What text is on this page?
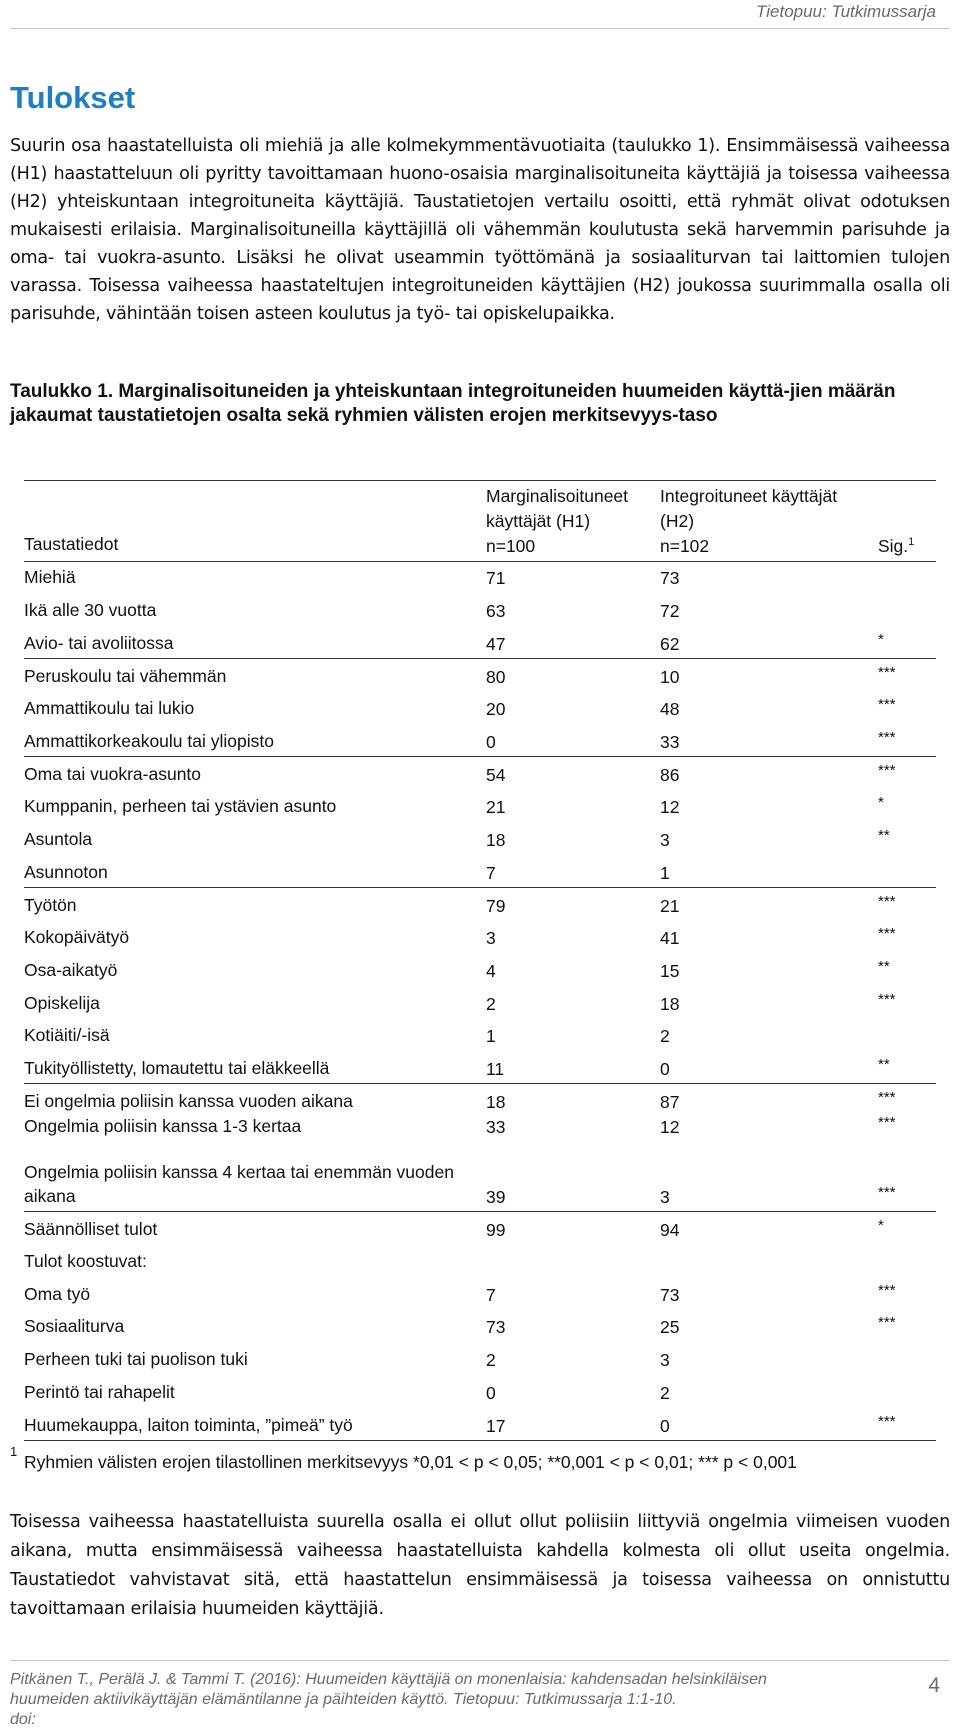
Tietopuu: Tutkimussarja
Tulokset
Suurin osa haastatelluista oli miehiä ja alle kolmekymmentävuotiaita (taulukko 1). Ensimmäisessä vaiheessa (H1) haastatteluun oli pyritty tavoittamaan huono-osaisia marginalisoituneita käyttäjiä ja toisessa vaiheessa (H2) yhteiskuntaan integroituneita käyttäjiä. Taustatietojen vertailu osoitti, että ryhmät olivat odotuksen mukaisesti erilaisia. Marginalisoituneilla käyttäjillä oli vähemmän koulutusta sekä harvemmin parisuhde ja oma- tai vuokra-asunto. Lisäksi he olivat useammin työttömänä ja sosiaaliturvan tai laittomien tulojen varassa. Toisessa vaiheessa haastateltujen integroituneiden käyttäjien (H2) joukossa suurimmalla osalla oli parisuhde, vähintään toisen asteen koulutus ja työ- tai opiskelupaikka.
Taulukko 1. Marginalisoituneiden ja yhteiskuntaan integroituneiden huumeiden käyttä-jien määrän jakaumat taustatietojen osalta sekä ryhmien välisten erojen merkitsevyys-taso
Taustatiedot
Marginalisoituneet
käyttäjät (H1)
n=100
Integroituneet käyttäjät
(H2)
n=102	Sig.$^1$
Miehiä	71	73
Ikä alle 30 vuotta	63	72
Avio- tai avoliitossa	47	62	*
Peruskoulu tai vähemmän	80	10	***
Ammattikoulu tai lukio	20	48	***
Ammattikorkeakoulu tai yliopisto	0	33	***
Oma tai vuokra-asunto	54	86	***
Kumppanin, perheen tai ystävien asunto	21	12	*
Asuntola	18	3	**
Asunnoton	7	1
Työtön	79	21	***
Kokopäivätyö	3	41	***
Osa-aikatyö	4	15	**
Opiskelija	2	18	***
Kotiäiti/-isä	1	2
Tukityöllistetty, lomautettu tai eläkkeellä	11	0	**
Ei ongelmia poliisin kanssa vuoden aikana	18	87	***
Ongelmia poliisin kanssa 1-3 kertaa	33	12	***
Ongelmia poliisin kanssa 4 kertaa tai enemmän vuoden aikana	39	3	***
Säännölliset tulot	99	94	*
Tulot koostuvat:
Oma työ	7	73	***
Sosiaaliturva	73	25	***
Perheen tuki tai puolison tuki	2	3
Perintö tai rahapelit	0	2
Huumekauppa, laiton toiminta, ”pimeä” työ	17	0	***
1
Ryhmien välisten erojen tilastollinen merkitsevyys *0,01 < p < 0,05; **0,001 < p < 0,01; *** p < 0,001
Toisessa vaiheessa haastatelluista suurella osalla ei ollut ollut poliisiin liittyviä ongelmia viimeisen vuoden aikana, mutta ensimmäisessä vaiheessa haastatelluista kahdella kolmesta oli ollut useita ongelmia. Taustatiedot vahvistavat sitä, että haastattelun ensimmäisessä ja toisessa vaiheessa on onnistuttu tavoittamaan erilaisia huumeiden käyttäjiä.
Pitkänen T., Perälä J. & Tammi T. (2016): Huumeiden käyttäjiä on monenlaisia: kahdensadan helsinkiläisen
huumeiden aktiivikäyttäjän elämäntilanne ja päihteiden käyttö. Tietopuu: Tutkimussarja 1:1-10.
doi:
4
